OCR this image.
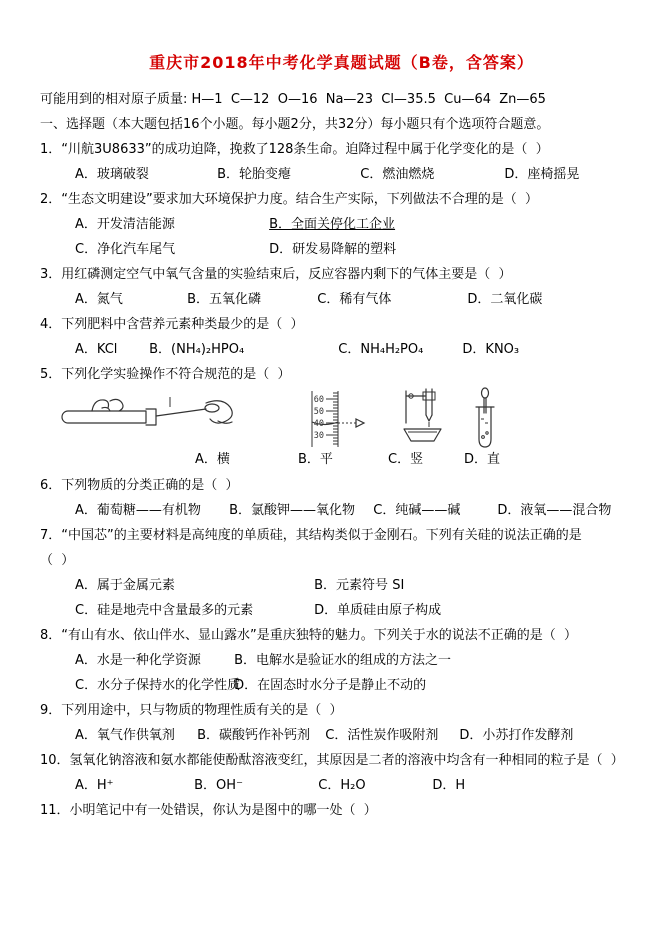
重庆市2018年中考化学真题试题（B卷，含答案）
可能用到的相对原子质量: H—1  C—12  O—16  Na—23  Cl—35.5  Cu—64  Zn—65
一、选择题（本大题包括16个小题。每小题2分，共32分）每小题只有个选项符合题意。
1．“川航3U8633”的成功迫降，挽救了128条生命。迫降过程中属于化学变化的是（  ）
A．玻璃破裂	B．轮胎变瘪	C．燃油燃烧	D．座椅摇晃
2．“生态文明建设”要求加大环境保护力度。结合生产实际，下列做法不合理的是（  ）
A．开发清洁能源	B．全面关停化工企业
C．净化汽车尾气	D．研发易降解的塑料
3．用红磷测定空气中氧气含量的实验结束后，反应容器内剩下的气体主要是（  ）
A．氮气	B．五氧化磷	C．稀有气体	D．二氧化碳
4．下列肥料中含营养元素种类最少的是（  ）
A．KCl B．(NH₄)₂HPO₄	C．NH₄H₂PO₄	D．KNO₃
5．下列化学实验操作不符合规范的是（  ）
60
50
40
30
A．横	B．平	C．竖	D．直
6．下列物质的分类正确的是（  ）
A．葡萄糖——有机物 B．氯酸钾——氧化物 C．纯碱——碱	D．液氧——混合物
7．“中国芯”的主要材料是高纯度的单质硅，其结构类似于金刚石。下列有关硅的说法正确的是
（  ）
A．属于金属元素	B．元素符号 SI
C．硅是地壳中含量最多的元素	D．单质硅由原子构成
8．“有山有水、依山伴水、显山露水”是重庆独特的魅力。下列关于水的说法不正确的是（  ）
A．水是一种化学资源	B．电解水是验证水的组成的方法之一
C．水分子保持水的化学性质 D．在固态时水分子是静止不动的
9．下列用途中，只与物质的物理性质有关的是（  ）
A．氧气作供氧剂 B．碳酸钙作补钙剂 C．活性炭作吸附剂 D．小苏打作发酵剂
10．氢氧化钠溶液和氨水都能使酚酞溶液变红，其原因是二者的溶液中均含有一种相同的粒子是（  ）
A．H⁺	B．OH⁻	C．H₂O	D．H
11．小明笔记中有一处错误，你认为是图中的哪一处（  ）
